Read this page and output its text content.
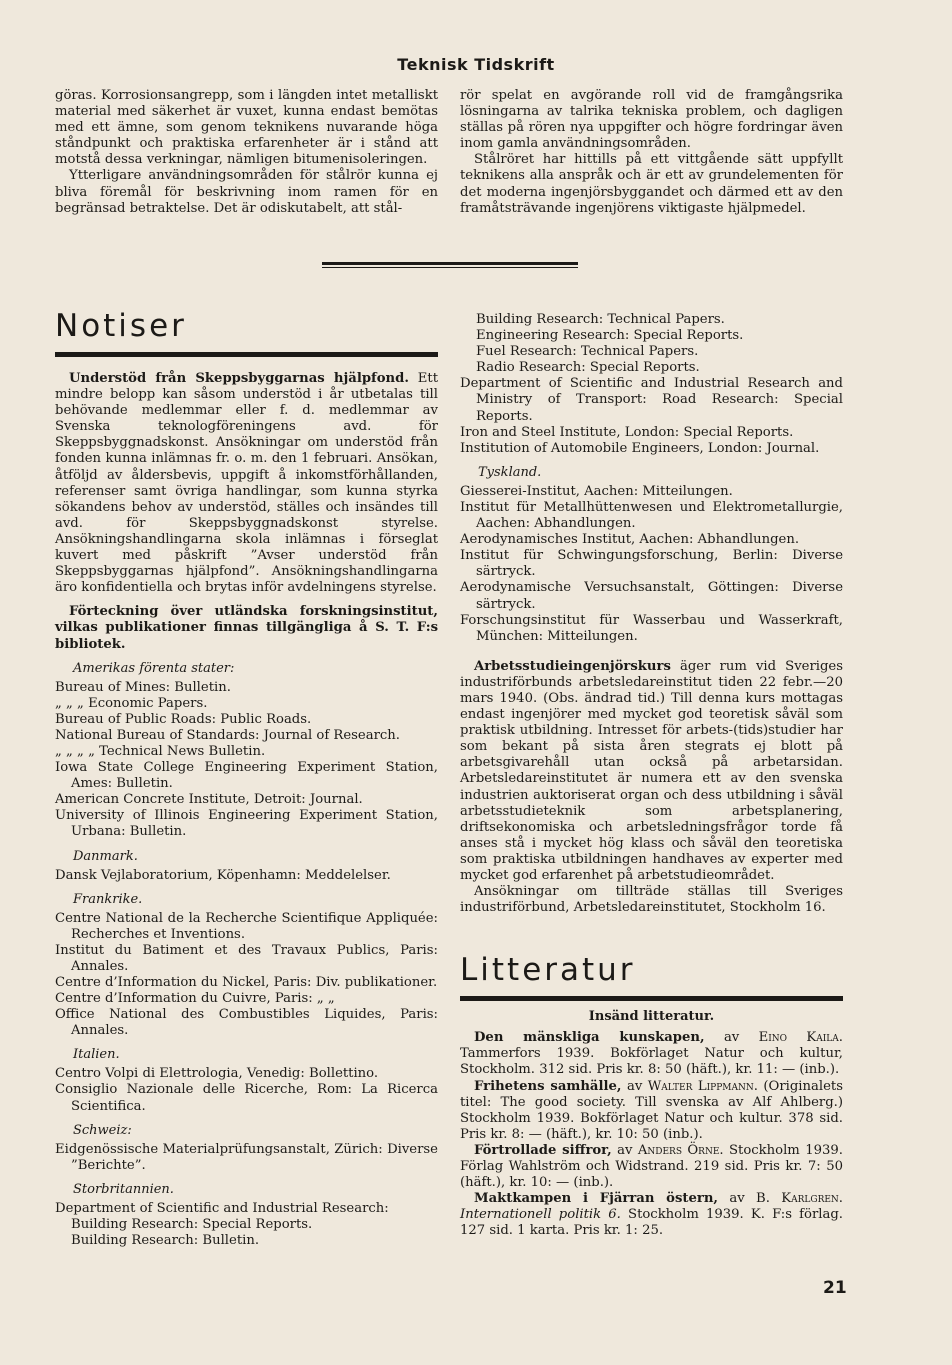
Teknisk Tidskrift

göras. Korrosionsangrepp, som i längden intet metalliskt material med säkerhet är vuxet, kunna endast bemötas med ett ämne, som genom teknikens nuvarande höga ståndpunkt och praktiska erfarenheter är i stånd att motstå dessa verkningar, nämligen bitumenisoleringen.

Ytterligare användningsområden för stålrör kunna ej bliva föremål för beskrivning inom ramen för en begränsad betraktelse. Det är odiskutabelt, att stål-

rör spelat en avgörande roll vid de framgångsrika lösningarna av talrika tekniska problem, och dagligen ställas på rören nya uppgifter och högre fordringar även inom gamla användningsområden.

Stålröret har hittills på ett vittgående sätt uppfyllt teknikens alla anspråk och är ett av grundelementen för det moderna ingenjörsbyggandet och därmed ett av den framåtsträvande ingenjörens viktigaste hjälpmedel.

Notiser

Understöd från Skeppsbyggarnas hjälpfond. Ett mindre belopp kan såsom understöd i år utbetalas till behövande medlemmar eller f. d. medlemmar av Svenska teknologföreningens avd. för Skeppsbyggnadskonst. Ansökningar om understöd från fonden kunna inlämnas fr. o. m. den 1 februari. Ansökan, åtföljd av åldersbevis, uppgift å inkomstförhållanden, referenser samt övriga handlingar, som kunna styrka sökandens behov av understöd, ställes och insändes till avd. för Skeppsbyggnadskonst styrelse. Ansökningshandlingarna skola inlämnas i förseglat kuvert med påskrift ”Avser understöd från Skeppsbyggarnas hjälpfond”. Ansökningshandlingarna äro konfidentiella och brytas inför avdelningens styrelse.

Förteckning över utländska forskningsinstitut, vilkas publikationer finnas tillgängliga å S. T. F:s bibliotek.

Amerikas förenta stater:

Bureau of Mines: Bulletin.

„ „ „ Economic Papers.

Bureau of Public Roads: Public Roads.

National Bureau of Standards: Journal of Research.

„ „ „ „ Technical News Bulletin.

Iowa State College Engineering Experiment Station, Ames: Bulletin.

American Concrete Institute, Detroit: Journal.

University of Illinois Engineering Experiment Station, Urbana: Bulletin.

Danmark.

Dansk Vejlaboratorium, Köpenhamn: Meddelelser.

Frankrike.

Centre National de la Recherche Scientifique Appliquée: Recherches et Inventions.

Institut du Batiment et des Travaux Publics, Paris: Annales.

Centre d’Information du Nickel, Paris: Div. publikationer.

Centre d’Information du Cuivre, Paris: „ „

Office National des Combustibles Liquides, Paris: Annales.

Italien.

Centro Volpi di Elettrologia, Venedig: Bollettino.

Consiglio Nazionale delle Ricerche, Rom: La Ricerca Scientifica.

Schweiz:

Eidgenössische Materialprüfungsanstalt, Zürich: Diverse ”Berichte”.

Storbritannien.

Department of Scientific and Industrial Research:

Building Research: Special Reports.

Building Research: Bulletin.

Building Research: Technical Papers.

Engineering Research: Special Reports.

Fuel Research: Technical Papers.

Radio Research: Special Reports.

Department of Scientific and Industrial Research and Ministry of Transport: Road Research: Special Reports.

Iron and Steel Institute, London: Special Reports.

Institution of Automobile Engineers, London: Journal.

Tyskland.

Giesserei-Institut, Aachen: Mitteilungen.

Institut für Metallhüttenwesen und Elektrometallurgie, Aachen: Abhandlungen.

Aerodynamisches Institut, Aachen: Abhandlungen.

Institut für Schwingungsforschung, Berlin: Diverse särtryck.

Aerodynamische Versuchsanstalt, Göttingen: Diverse särtryck.

Forschungsinstitut für Wasserbau und Wasserkraft, München: Mitteilungen.

Arbetsstudieingenjörskurs äger rum vid Sveriges industriförbunds arbetsledareinstitut tiden 22 febr.—20 mars 1940. (Obs. ändrad tid.) Till denna kurs mottagas endast ingenjörer med mycket god teoretisk såväl som praktisk utbildning. Intresset för arbets-(tids)studier har som bekant på sista åren stegrats ej blott på arbetsgivarehåll utan också på arbetarsidan. Arbetsledareinstitutet är numera ett av den svenska industrien auktoriserat organ och dess utbildning i såväl arbetsstudieteknik som arbetsplanering, driftsekonomiska och arbetsledningsfrågor torde få anses stå i mycket hög klass och såväl den teoretiska som praktiska utbildningen handhaves av experter med mycket god erfarenhet på arbetstudieområdet.

Ansökningar om tillträde ställas till Sveriges industriförbund, Arbetsledareinstitutet, Stockholm 16.

Litteratur
Insänd litteratur.

Den mänskliga kunskapen, av Eino Kaila. Tammerfors 1939. Bokförlaget Natur och kultur, Stockholm. 312 sid. Pris kr. 8: 50 (häft.), kr. 11: — (inb.).

Frihetens samhälle, av Walter Lippmann. (Originalets titel: The good society. Till svenska av Alf Ahlberg.) Stockholm 1939. Bokförlaget Natur och kultur. 378 sid. Pris kr. 8: — (häft.), kr. 10: 50 (inb.).

Förtrollade siffror, av Anders Örne. Stockholm 1939. Förlag Wahlström och Widstrand. 219 sid. Pris kr. 7: 50 (häft.), kr. 10: — (inb.).

Maktkampen i Fjärran östern, av B. Karlgren. Internationell politik 6. Stockholm 1939. K. F:s förlag. 127 sid. 1 karta. Pris kr. 1: 25.

21
